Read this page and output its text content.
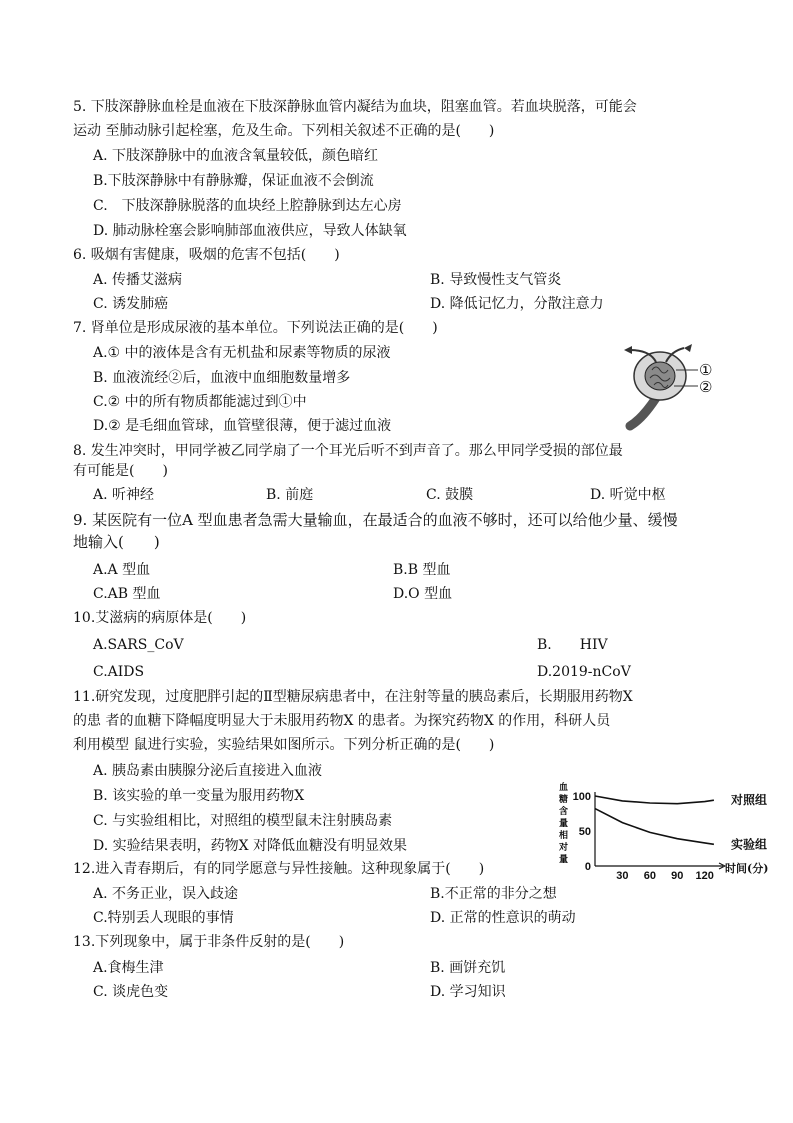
5. 下肢深静脉血栓是血液在下肢深静脉血管内凝结为血块，阻塞血管。若血块脱落，可能会
运动 至肺动脉引起栓塞，危及生命。下列相关叙述不正确的是(　　)
A. 下肢深静脉中的血液含氧量较低，颜色暗红
B.下肢深静脉中有静脉瓣，保证血液不会倒流
C.　下肢深静脉脱落的血块经上腔静脉到达左心房
D. 肺动脉栓塞会影响肺部血液供应，导致人体缺氧
6. 吸烟有害健康，吸烟的危害不包括(　　)
A. 传播艾滋病	B. 导致慢性支气管炎
C. 诱发肺癌	D. 降低记忆力，分散注意力
7. 肾单位是形成尿液的基本单位。下列说法正确的是(　　)
A.① 中的液体是含有无机盐和尿素等物质的尿液
B. 血液流经②后，血液中血细胞数量增多
C.② 中的所有物质都能滤过到①中
D.② 是毛细血管球，血管壁很薄，便于滤过血液
①
②
8. 发生冲突时，甲同学被乙同学扇了一个耳光后听不到声音了。那么甲同学受损的部位最
有可能是(　　)
A. 听神经	B. 前庭	C. 鼓膜	D. 听觉中枢
9. 某医院有一位A 型血患者急需大量输血，在最适合的血液不够时，还可以给他少量、缓慢
地输入(　　)
A.A 型血	B.B 型血
C.AB 型血	D.O 型血
10.艾滋病的病原体是(　　)
A.SARS_CoV	B.　　HIV
C.AIDS	D.2019-nCoV
11.研究发现，过度肥胖引起的Ⅱ型糖尿病患者中，在注射等量的胰岛素后，长期服用药物X
的患 者的血糖下降幅度明显大于未服用药物X 的患者。为探究药物X 的作用，科研人员
利用模型 鼠进行实验，实验结果如图所示。下列分析正确的是(　　)
A. 胰岛素由胰腺分泌后直接进入血液
B. 该实验的单一变量为服用药物X
C. 与实验组相比，对照组的模型鼠未注射胰岛素
D. 实验结果表明，药物X 对降低血糖没有明显效果
血
糖
含
量
相
对
量
100
50
0
30 60 90 120
对照组
实验组
时间(分)
12.进入青春期后，有的同学愿意与异性接触。这种现象属于(　　)
A. 不务正业，误入歧途	B.不正常的非分之想
C.特别丢人现眼的事情	D. 正常的性意识的萌动
13.下列现象中，属于非条件反射的是(　　)
A.食梅生津	B. 画饼充饥
C. 谈虎色变	D. 学习知识
